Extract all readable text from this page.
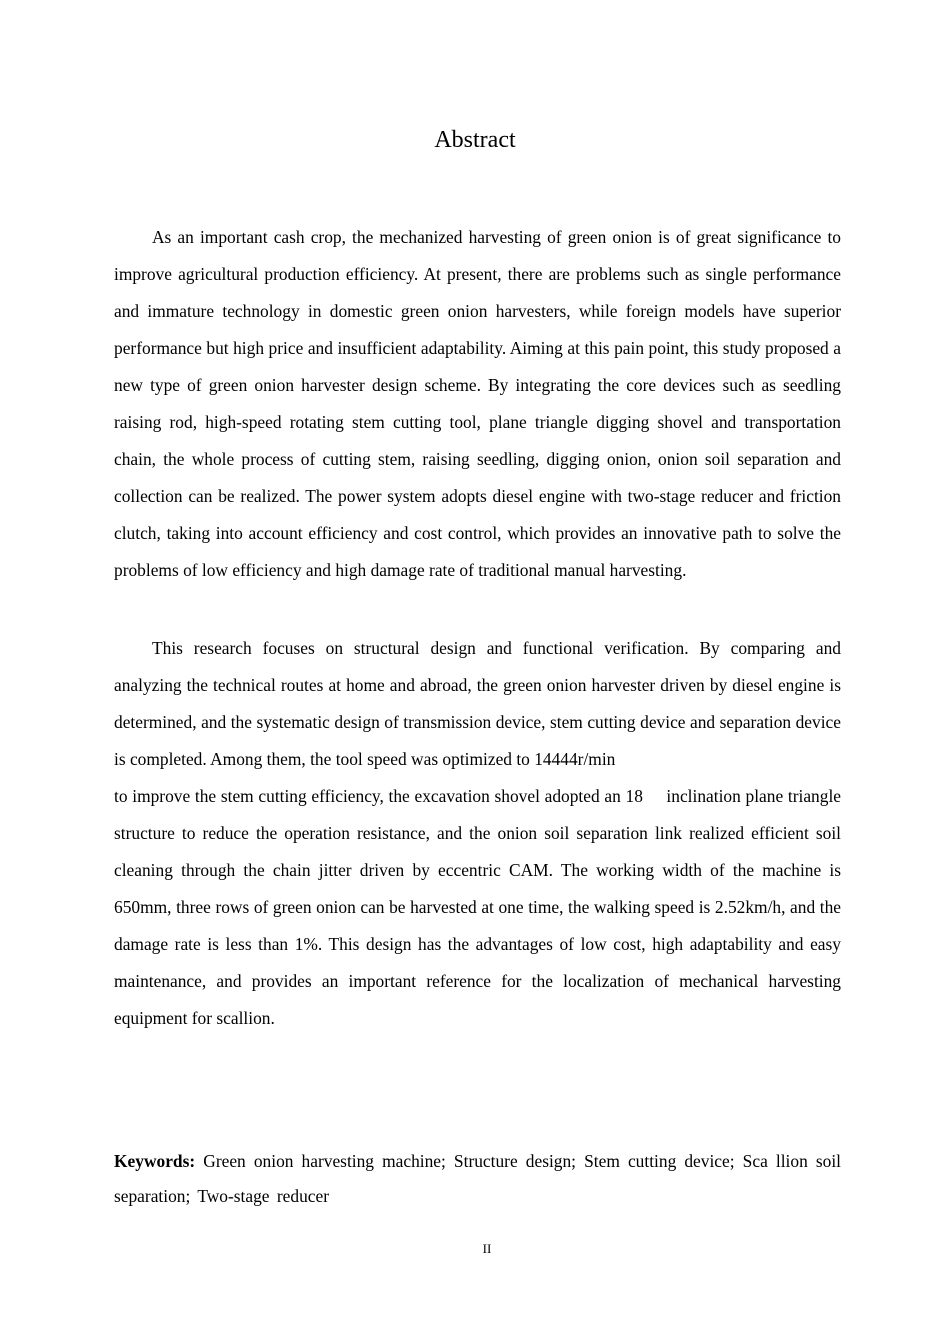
Abstract

As an important cash crop, the mechanized harvesting of green onion is of great significance to improve agricultural production efficiency. At present, there are problems such as single performance and immature technology in domestic green onion harvesters, while foreign models have superior performance but high price and insufficient adaptability. Aiming at this pain point, this study proposed a new type of green onion harvester design scheme. By integrating the core devices such as seedling raising rod, high-speed rotating stem cutting tool, plane triangle digging shovel and transportation chain, the whole process of cutting stem, raising seedling, digging onion, onion soil separation and collection can be realized. The power system adopts diesel engine with two-stage reducer and friction clutch, taking into account efficiency and cost control, which provides an innovative path to solve the problems of low efficiency and high damage rate of traditional manual harvesting.

This research focuses on structural design and functional verification. By comparing and analyzing the technical routes at home and abroad, the green onion harvester driven by diesel engine is determined, and the systematic design of transmission device, stem cutting device and separation device is completed. Among them, the tool speed was optimized to 14444r/min
to improve the stem cutting efficiency, the excavation shovel adopted an 18     inclination plane triangle structure to reduce the operation resistance, and the onion soil separation link realized efficient soil cleaning through the chain jitter driven by eccentric CAM. The working width of the machine is 650mm, three rows of green onion can be harvested at one time, the walking speed is 2.52km/h, and the damage rate is less than 1%. This design has the advantages of low cost, high adaptability and easy maintenance, and provides an important reference for the localization of mechanical harvesting equipment for scallion.

Keywords: Green onion harvesting machine; Structure design; Stem cutting device; Sca llion soil separation; Two-stage reducer

II
